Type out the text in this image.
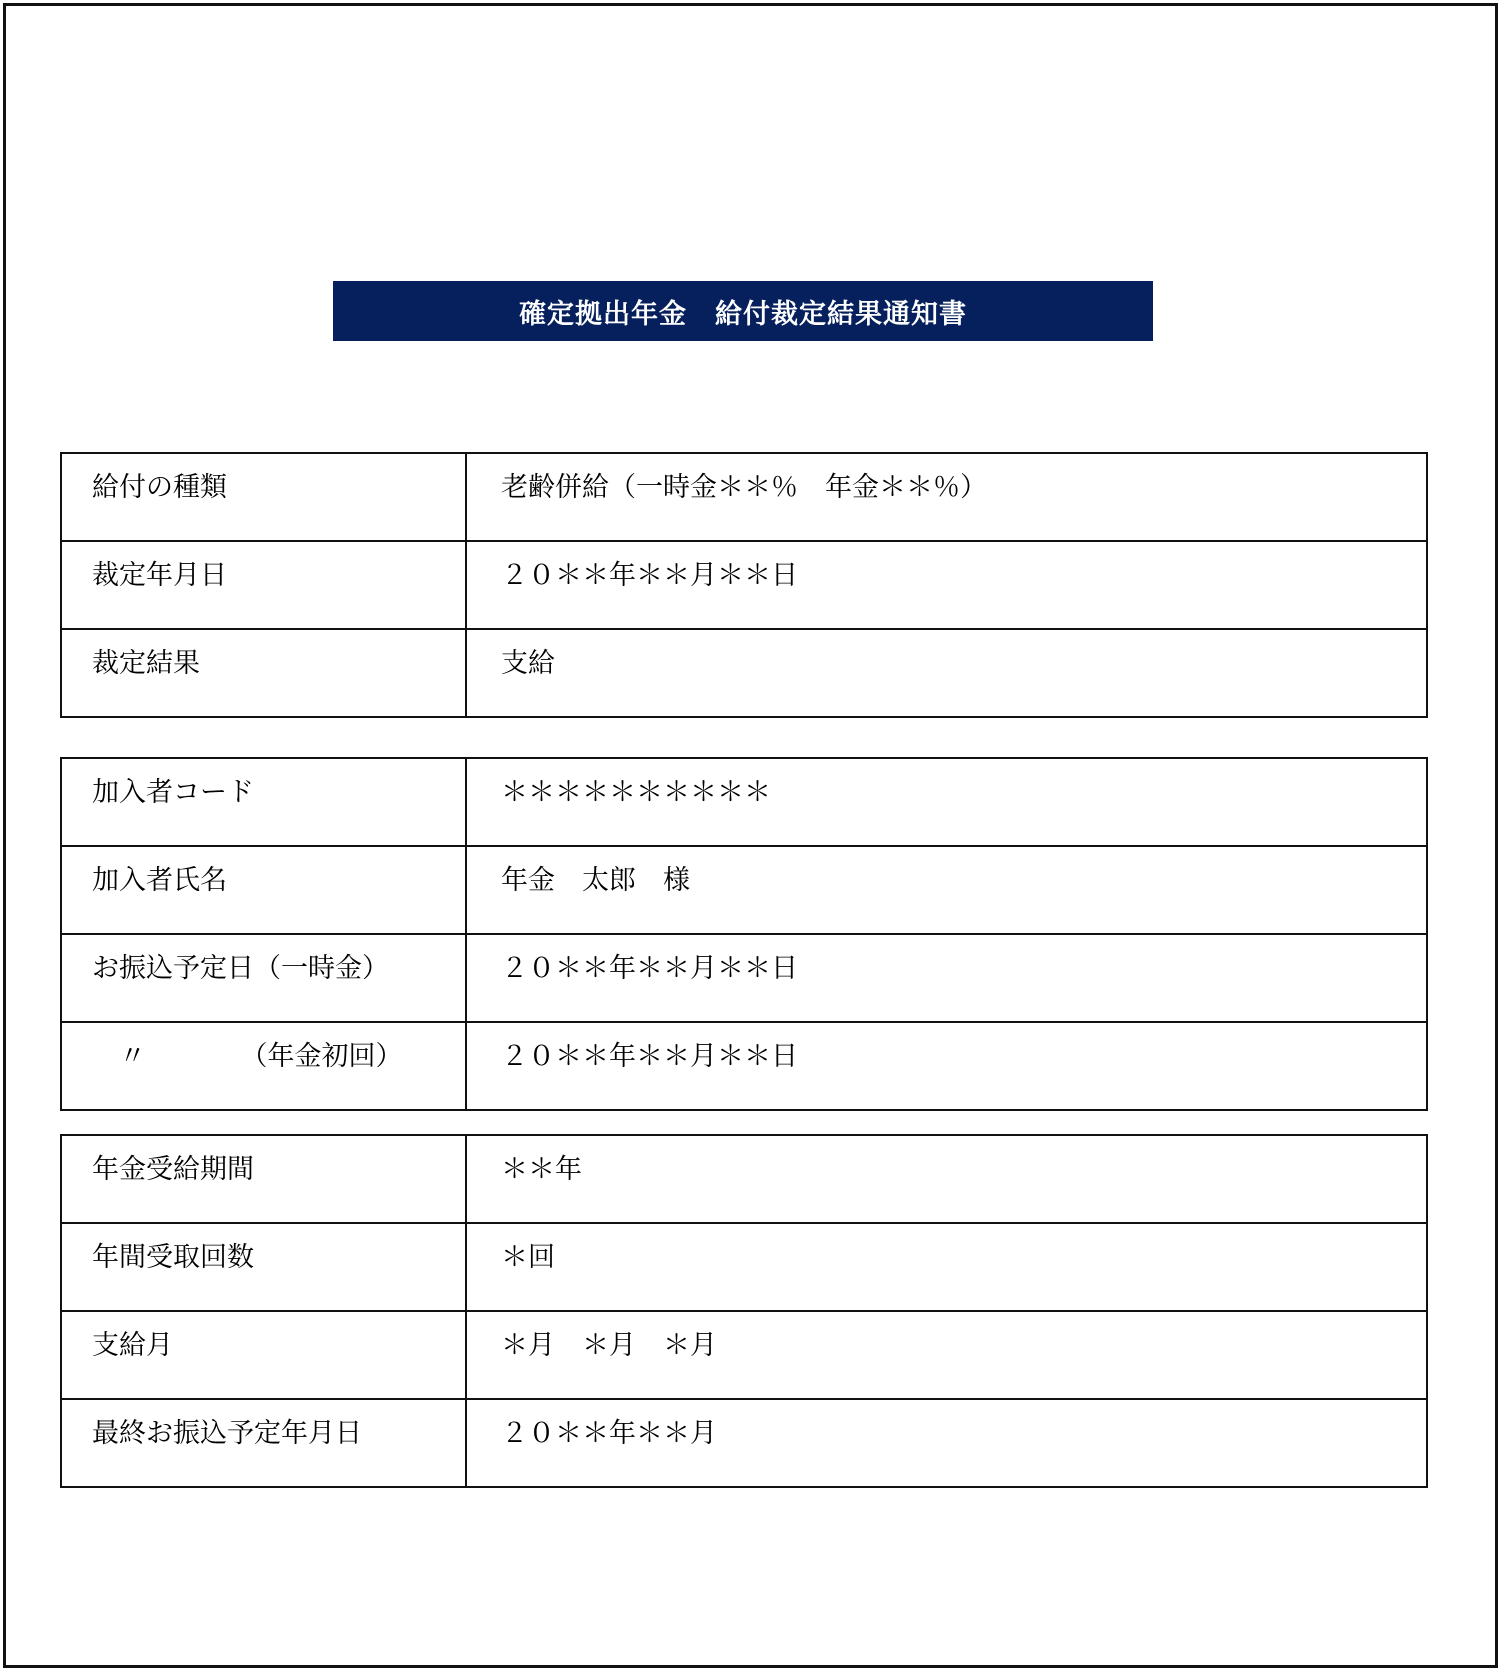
確定拠出年金　給付裁定結果通知書
給付の種類	老齢併給（一時金＊＊％　年金＊＊％）

裁定年月日	２０＊＊年＊＊月＊＊日

裁定結果	支給
加入者コード	＊＊＊＊＊＊＊＊＊＊

加入者氏名	年金　太郎　様

お振込予定日（一時金）	２０＊＊年＊＊月＊＊日

　〃　　　　（年金初回）	２０＊＊年＊＊月＊＊日
年金受給期間	＊＊年

年間受取回数	＊回

支給月	＊月　＊月　＊月

最終お振込予定年月日	２０＊＊年＊＊月
